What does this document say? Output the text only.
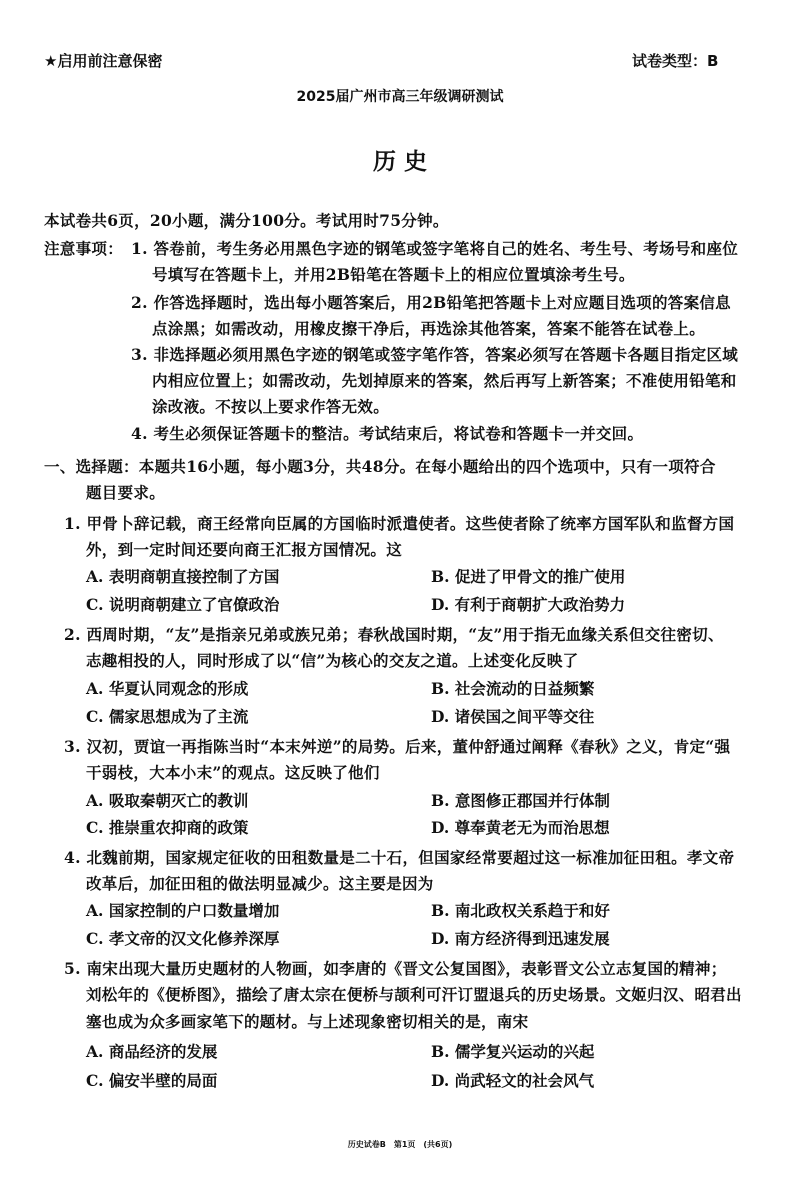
★启用前注意保密	试卷类型：B
2025届广州市高三年级调研测试
历 史
本试卷共6页，20小题，满分100分。考试用时75分钟。
注意事项： 1. 答卷前，考生务必用黑色字迹的钢笔或签字笔将自己的姓名、考生号、考场号和座位
号填写在答题卡上，并用2B铅笔在答题卡上的相应位置填涂考生号。
2. 作答选择题时，选出每小题答案后，用2B铅笔把答题卡上对应题目选项的答案信息
点涂黑；如需改动，用橡皮擦干净后，再选涂其他答案，答案不能答在试卷上。
3. 非选择题必须用黑色字迹的钢笔或签字笔作答，答案必须写在答题卡各题目指定区域
内相应位置上；如需改动，先划掉原来的答案，然后再写上新答案；不准使用铅笔和
涂改液。不按以上要求作答无效。
4. 考生必须保证答题卡的整洁。考试结束后，将试卷和答题卡一并交回。
一、选择题：本题共16小题，每小题3分，共48分。在每小题给出的四个选项中，只有一项符合
题目要求。
1. 甲骨卜辞记载，商王经常向臣属的方国临时派遣使者。这些使者除了统率方国军队和监督方国
外，到一定时间还要向商王汇报方国情况。这
A. 表明商朝直接控制了方国	B. 促进了甲骨文的推广使用
C. 说明商朝建立了官僚政治	D. 有利于商朝扩大政治势力
2. 西周时期，“友”是指亲兄弟或族兄弟；春秋战国时期，“友”用于指无血缘关系但交往密切、
志趣相投的人，同时形成了以“信”为核心的交友之道。上述变化反映了
A. 华夏认同观念的形成	B. 社会流动的日益频繁
C. 儒家思想成为了主流	D. 诸侯国之间平等交往
3. 汉初，贾谊一再指陈当时“本末舛逆”的局势。后来，董仲舒通过阐释《春秋》之义，肯定“强
干弱枝，大本小末”的观点。这反映了他们
A. 吸取秦朝灭亡的教训	B. 意图修正郡国并行体制
C. 推崇重农抑商的政策	D. 尊奉黄老无为而治思想
4. 北魏前期，国家规定征收的田租数量是二十石，但国家经常要超过这一标准加征田租。孝文帝
改革后，加征田租的做法明显减少。这主要是因为
A. 国家控制的户口数量增加	B. 南北政权关系趋于和好
C. 孝文帝的汉文化修养深厚	D. 南方经济得到迅速发展
5. 南宋出现大量历史题材的人物画，如李唐的《晋文公复国图》，表彰晋文公立志复国的精神；
刘松年的《便桥图》，描绘了唐太宗在便桥与颉利可汗订盟退兵的历史场景。文姬归汉、昭君出
塞也成为众多画家笔下的题材。与上述现象密切相关的是，南宋
A. 商品经济的发展	B. 儒学复兴运动的兴起
C. 偏安半壁的局面	D. 尚武轻文的社会风气
历史试卷B　第1页　(共6页)
